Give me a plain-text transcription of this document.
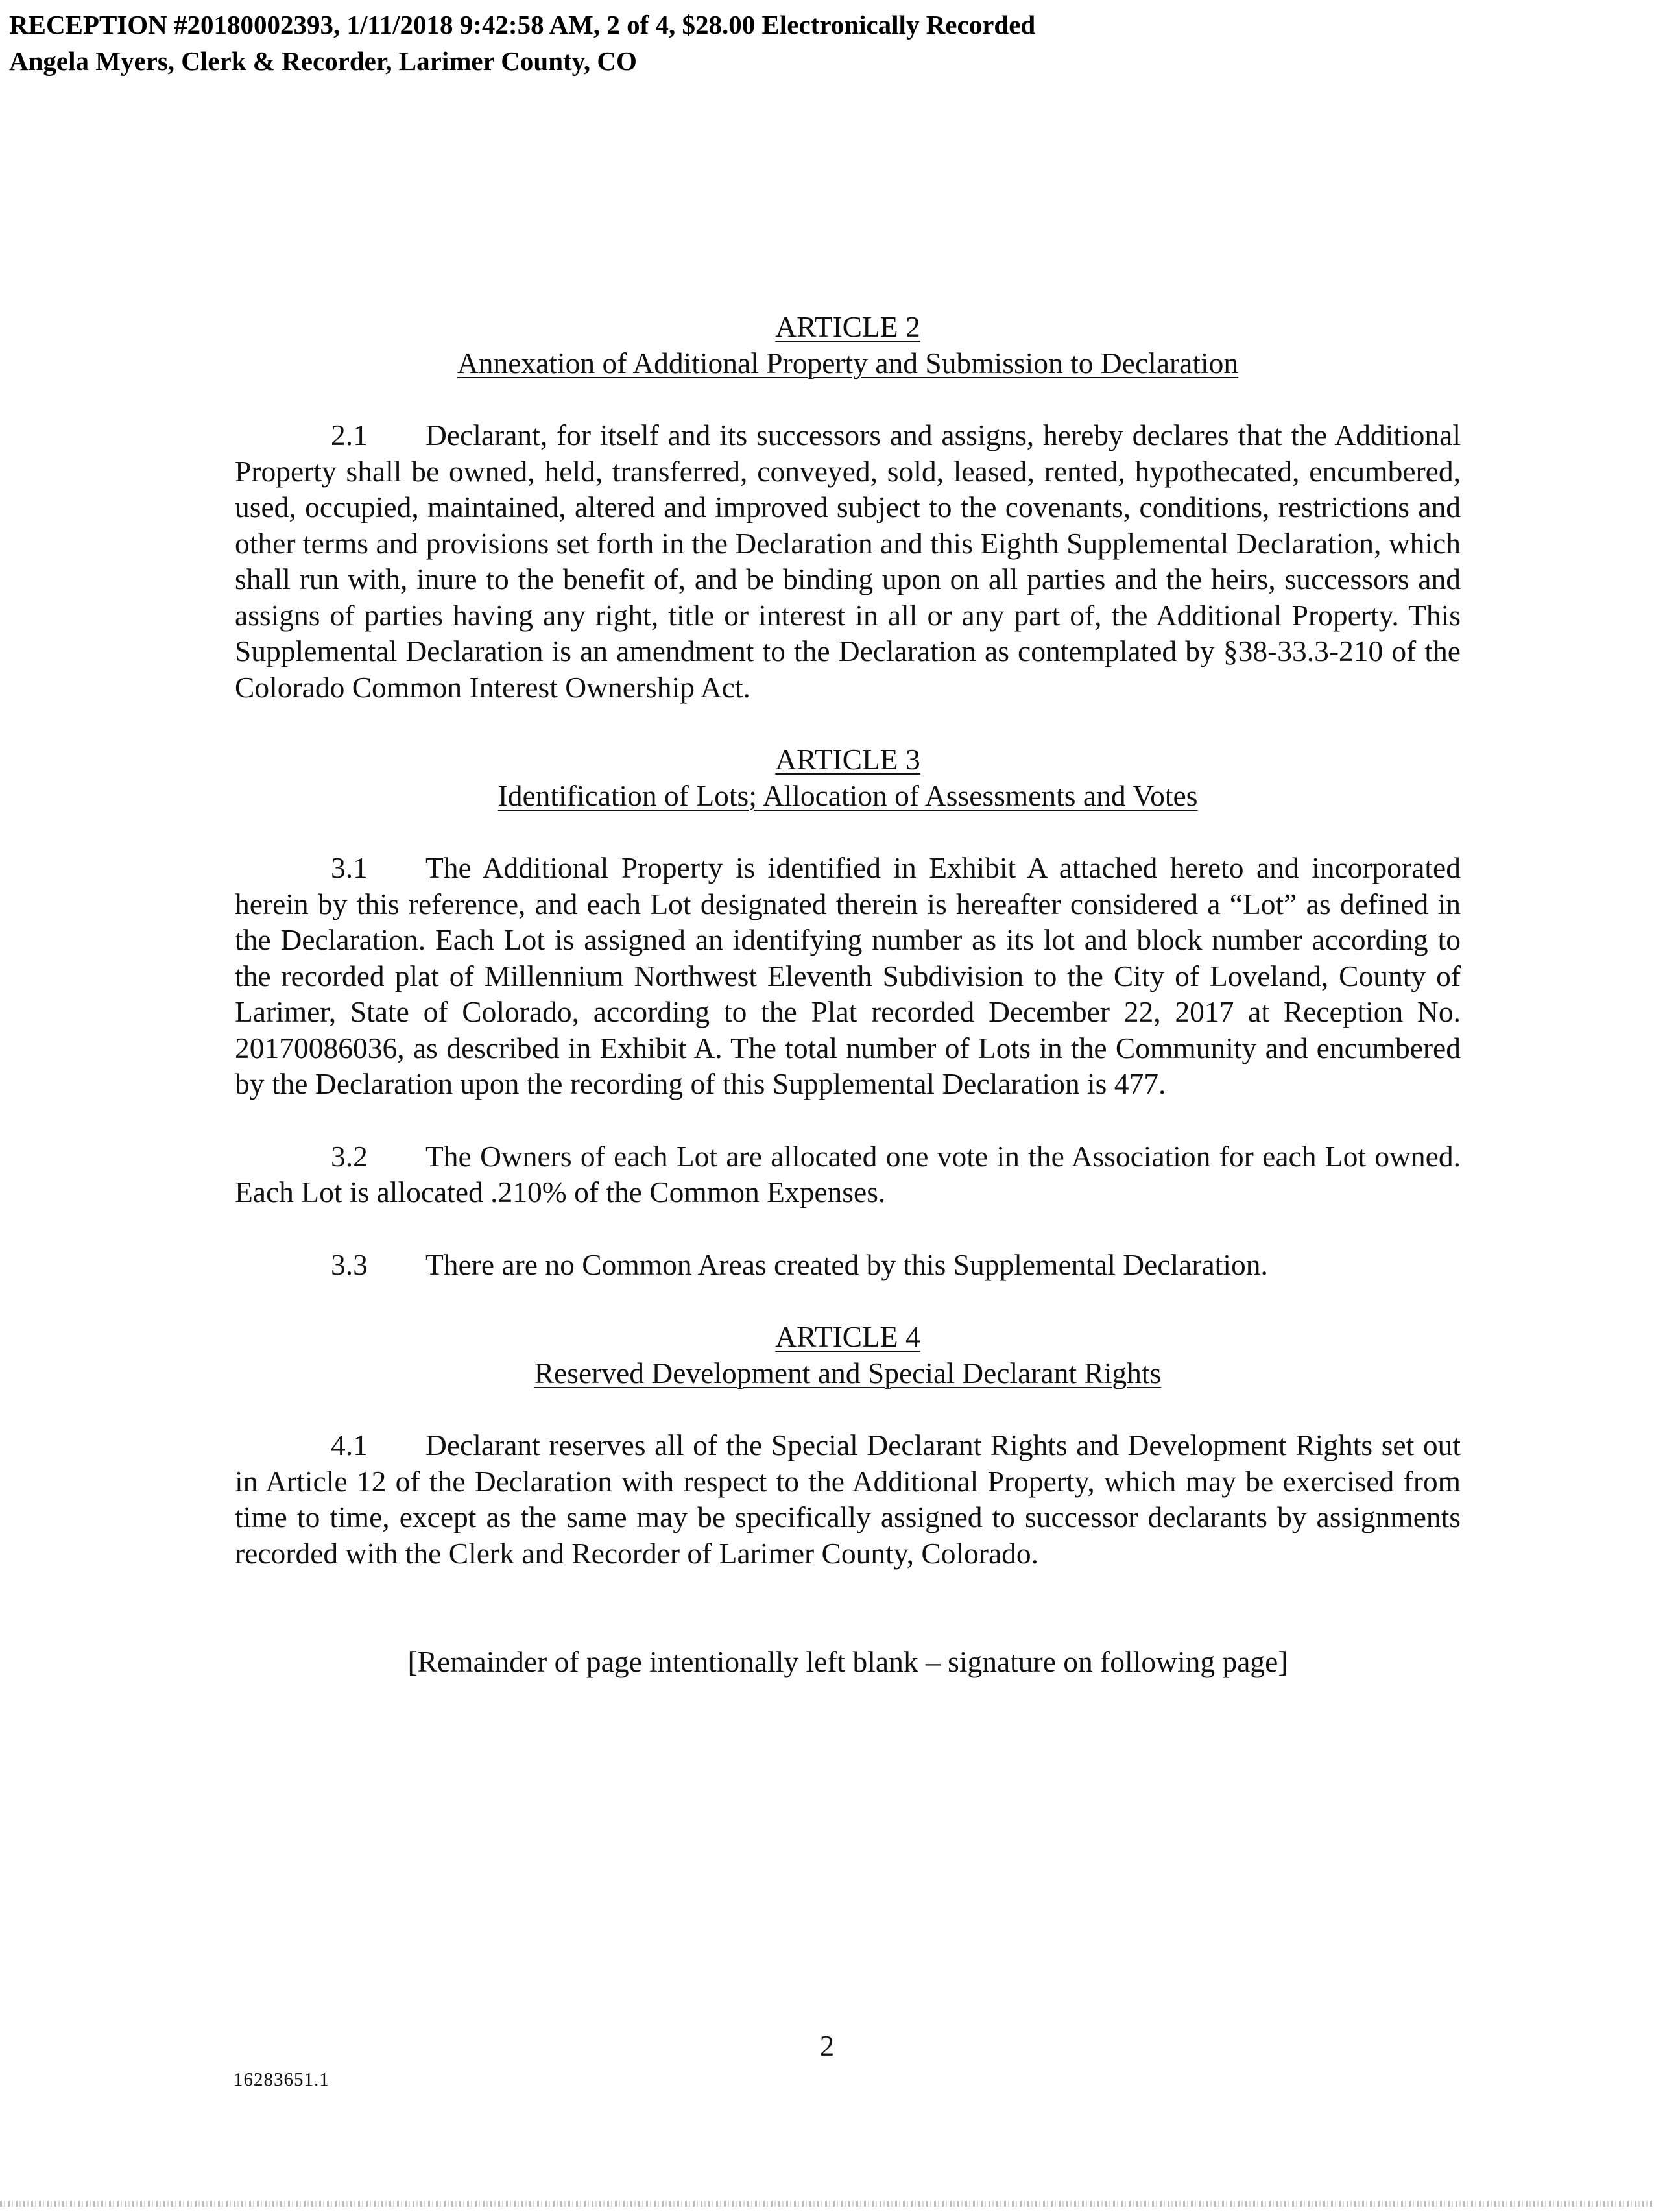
RECEPTION #20180002393, 1/11/2018 9:42:58 AM, 2 of 4, $28.00 Electronically Recorded
Angela Myers, Clerk & Recorder, Larimer County, CO
ARTICLE 2
Annexation of Additional Property and Submission to Declaration

2.1 Declarant, for itself and its successors and assigns, hereby declares that the Additional Property shall be owned, held, transferred, conveyed, sold, leased, rented, hypothecated, encumbered, used, occupied, maintained, altered and improved subject to the covenants, conditions, restrictions and other terms and provisions set forth in the Declaration and this Eighth Supplemental Declaration, which shall run with, inure to the benefit of, and be binding upon on all parties and the heirs, successors and assigns of parties having any right, title or interest in all or any part of, the Additional Property. This Supplemental Declaration is an amendment to the Declaration as contemplated by §38-33.3-210 of the Colorado Common Interest Ownership Act.

ARTICLE 3
Identification of Lots; Allocation of Assessments and Votes

3.1 The Additional Property is identified in Exhibit A attached hereto and incorporated herein by this reference, and each Lot designated therein is hereafter considered a “Lot” as defined in the Declaration. Each Lot is assigned an identifying number as its lot and block number according to the recorded plat of Millennium Northwest Eleventh Subdivision to the City of Loveland, County of Larimer, State of Colorado, according to the Plat recorded December 22, 2017 at Reception No. 20170086036, as described in Exhibit A. The total number of Lots in the Community and encumbered by the Declaration upon the recording of this Supplemental Declaration is 477.

3.2 The Owners of each Lot are allocated one vote in the Association for each Lot owned. Each Lot is allocated .210% of the Common Expenses.

3.3 There are no Common Areas created by this Supplemental Declaration.

ARTICLE 4
Reserved Development and Special Declarant Rights

4.1 Declarant reserves all of the Special Declarant Rights and Development Rights set out in Article 12 of the Declaration with respect to the Additional Property, which may be exercised from time to time, except as the same may be specifically assigned to successor declarants by assignments recorded with the Clerk and Recorder of Larimer County, Colorado.

[Remainder of page intentionally left blank – signature on following page]

2
16283651.1
